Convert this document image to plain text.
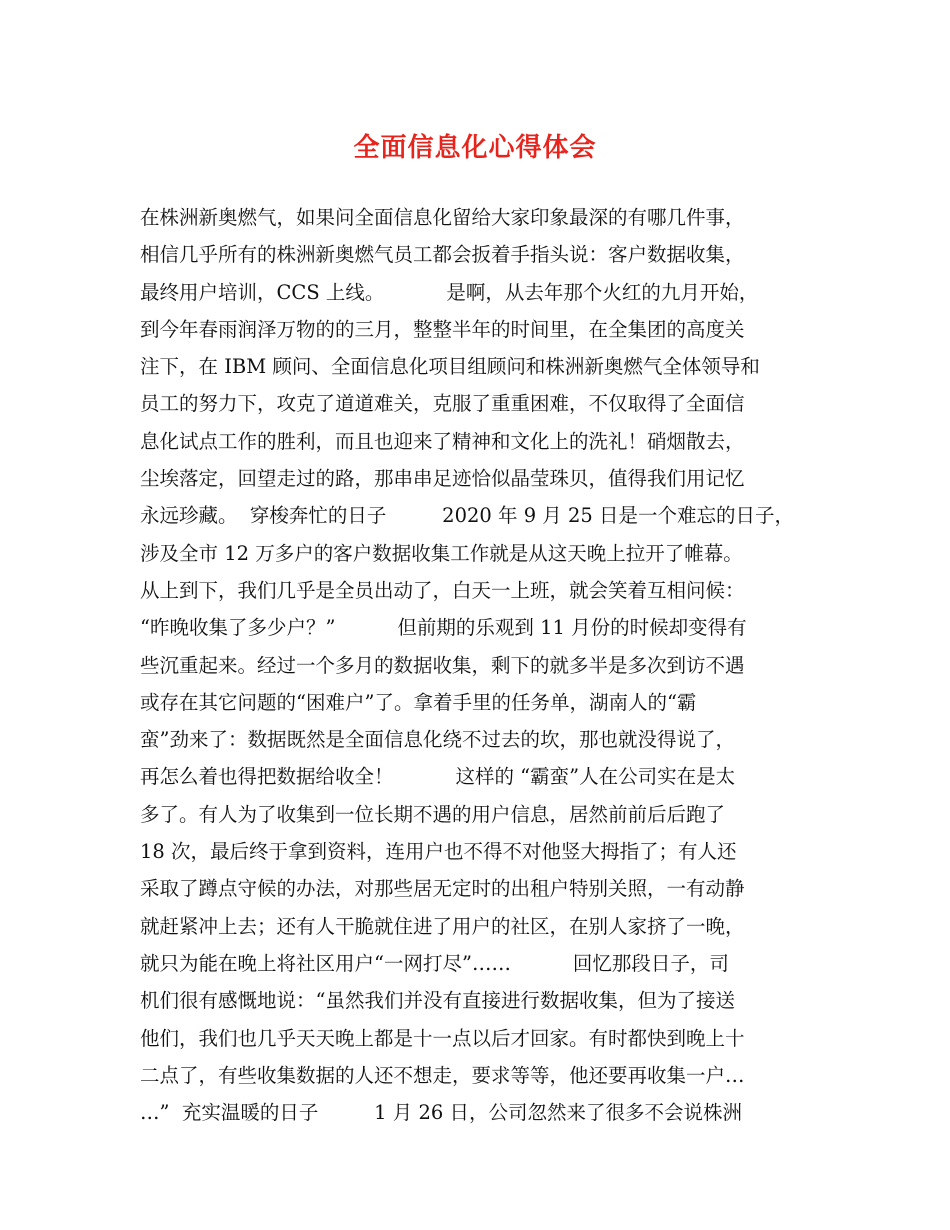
全面信息化心得体会
在株洲新奥燃气，如果问全面信息化留给大家印象最深的有哪几件事，
相信几乎所有的株洲新奥燃气员工都会扳着手指头说：客户数据收集，
最终用户培训，CCS 上线。          是啊，从去年那个火红的九月开始，
到今年春雨润泽万物的的三月，整整半年的时间里，在全集团的高度关
注下，在 IBM 顾问、全面信息化项目组顾问和株洲新奥燃气全体领导和
员工的努力下，攻克了道道难关，克服了重重困难，不仅取得了全面信
息化试点工作的胜利，而且也迎来了精神和文化上的洗礼！硝烟散去，
尘埃落定，回望走过的路，那串串足迹恰似晶莹珠贝，值得我们用记忆
永远珍藏。  穿梭奔忙的日子         2020 年 9 月 25 日是一个难忘的日子，
涉及全市 12 万多户的客户数据收集工作就是从这天晚上拉开了帷幕。
从上到下，我们几乎是全员出动了，白天一上班，就会笑着互相问候：
“昨晚收集了多少户？”          但前期的乐观到 11 月份的时候却变得有
些沉重起来。经过一个多月的数据收集，剩下的就多半是多次到访不遇
或存在其它问题的“困难户”了。拿着手里的任务单，湖南人的“霸
蛮”劲来了：数据既然是全面信息化绕不过去的坎，那也就没得说了，
再怎么着也得把数据给收全！          这样的 “霸蛮”人在公司实在是太
多了。有人为了收集到一位长期不遇的用户信息，居然前前后后跑了
18 次，最后终于拿到资料，连用户也不得不对他竖大拇指了；有人还
采取了蹲点守候的办法，对那些居无定时的出租户特别关照，一有动静
就赶紧冲上去；还有人干脆就住进了用户的社区，在别人家挤了一晚，
就只为能在晚上将社区用户“一网打尽”……          回忆那段日子，司
机们很有感慨地说：“虽然我们并没有直接进行数据收集，但为了接送
他们，我们也几乎天天晚上都是十一点以后才回家。有时都快到晚上十
二点了，有些收集数据的人还不想走，要求等等，他还要再收集一户…
…”  充实温暖的日子         1 月 26 日，公司忽然来了很多不会说株洲
